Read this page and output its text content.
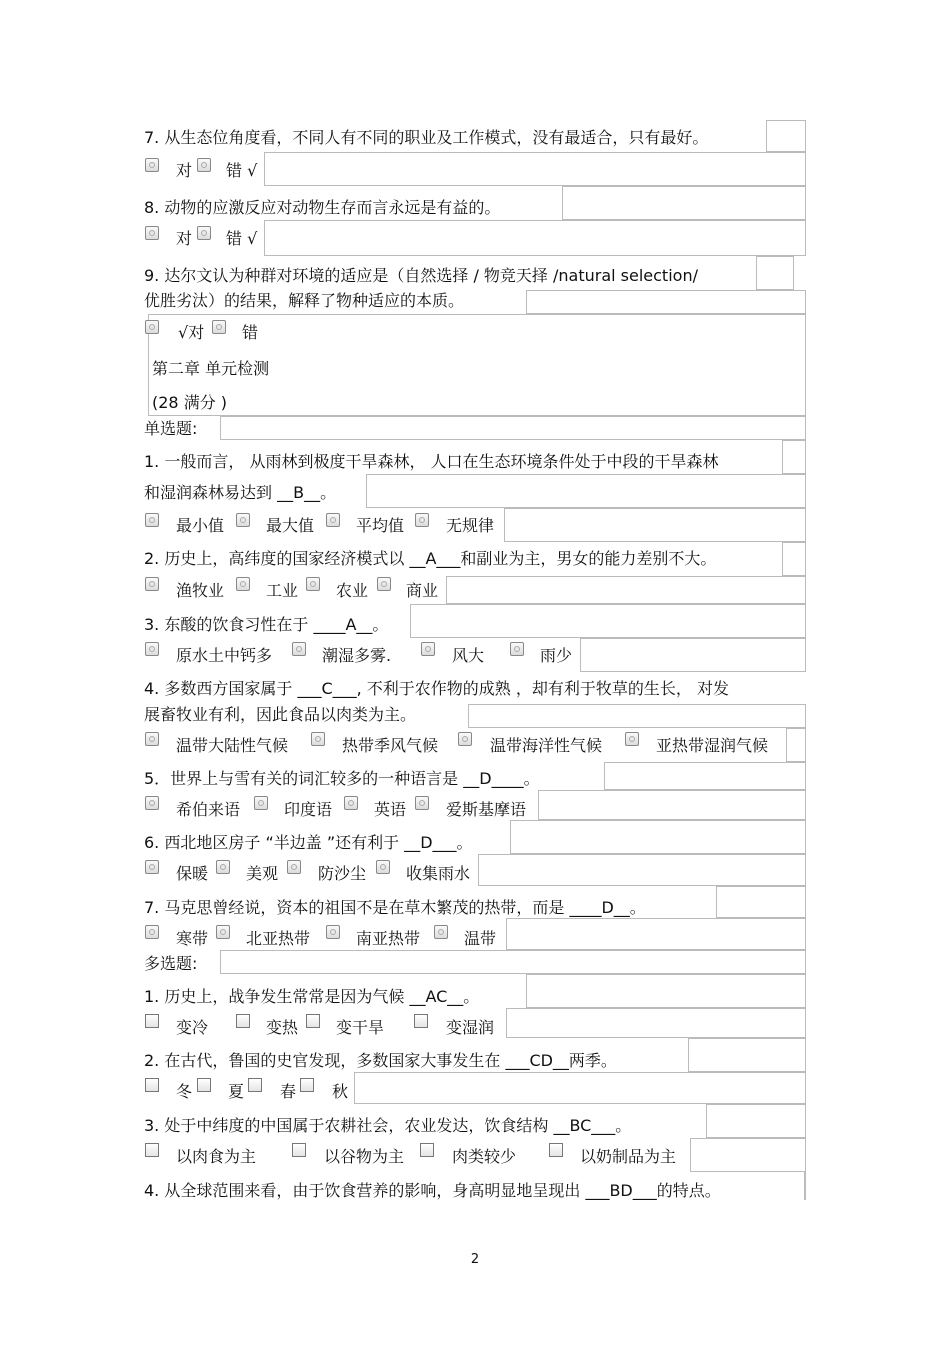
7. 从生态位角度看，不同人有不同的职业及工作模式，没有最适合，只有最好。
对 错 √
8. 动物的应激反应对动物生存而言永远是有益的。
对 错 √
9. 达尔文认为种群对环境的适应是（自然选择 / 物竞天择 /natural selection/
优胜劣汰）的结果，解释了物种适应的本质。
√对 错
第二章 单元检测
(28 满分 )
单选题:
1. 一般而言， 从雨林到极度干旱森林， 人口在生态环境条件处于中段的干旱森林
和湿润森林易达到 __B__。
最小值	最大值	平均值	无规律
2. 历史上，高纬度的国家经济模式以 __A___和副业为主，男女的能力差别不大。
渔牧业	工业 农业 商业
3. 东酸的饮食习性在于 ____A__。
原水土中钙多	潮湿多雾.	风大	雨少
4. 多数西方国家属于 ___C___, 不利于农作物的成熟 ，却有利于牧草的生长， 对发
展畜牧业有利，因此食品以肉类为主。
温带大陆性气候	热带季风气候	温带海洋性气候	亚热带湿润气候
5．世界上与雪有关的词汇较多的一种语言是 __D____。
希伯来语	印度语	英语 爱斯基摩语
6. 西北地区房子 “半边盖 ”还有利于 __D___。
保暖 美观 防沙尘 收集雨水
7. 马克思曾经说，资本的祖国不是在草木繁茂的热带，而是 ____D__。
寒带 北亚热带	南亚热带	温带
多选题:
1. 历史上，战争发生常常是因为气候 __AC__。
变冷	变热 变干旱	变湿润
2. 在古代，鲁国的史官发现，多数国家大事发生在 ___CD__两季。
冬 夏 春 秋
3. 处于中纬度的中国属于农耕社会，农业发达，饮食结构 __BC___。
以肉食为主	以谷物为主	肉类较少	以奶制品为主
4. 从全球范围来看，由于饮食营养的影响，身高明显地呈现出 ___BD___的特点。
2
